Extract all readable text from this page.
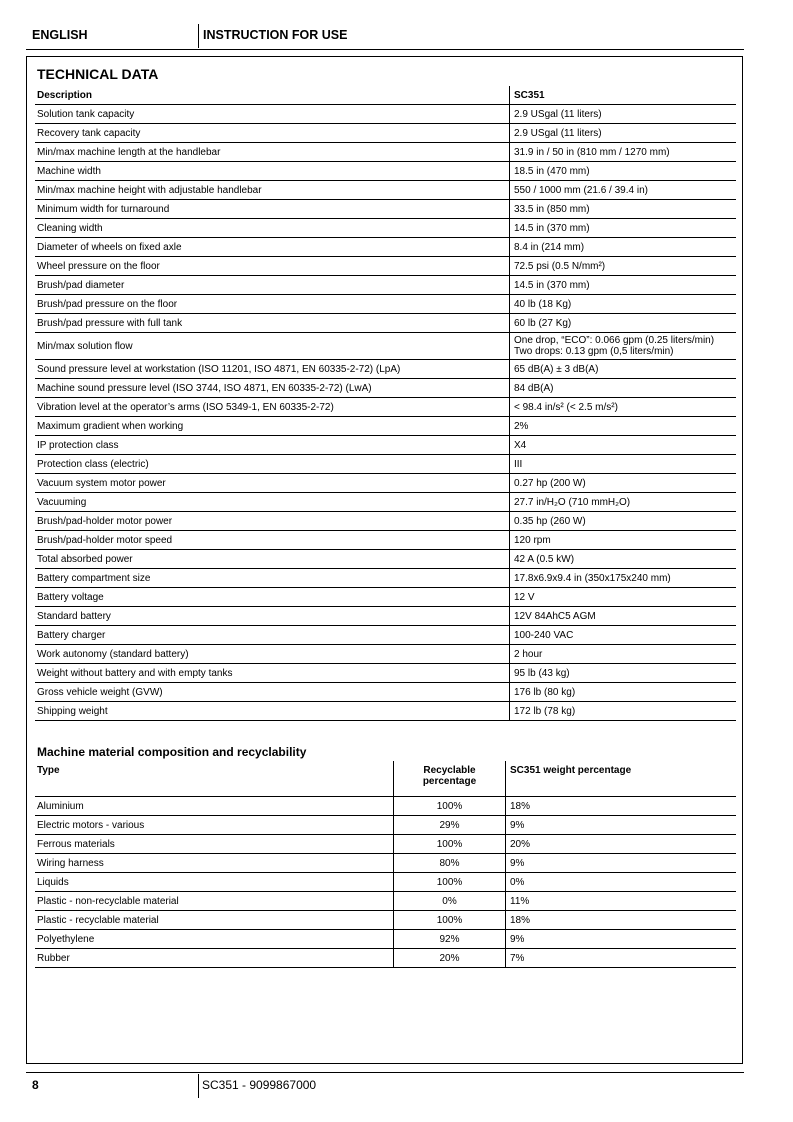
ENGLISH	INSTRUCTION FOR USE
TECHNICAL DATA
Description	SC351
Solution tank capacity	2.9 USgal (11 liters)
Recovery tank capacity	2.9 USgal (11 liters)
Min/max machine length at the handlebar	31.9 in / 50 in (810 mm / 1270 mm)
Machine width	18.5 in (470 mm)
Min/max machine height with adjustable handlebar	550 / 1000 mm (21.6 / 39.4 in)
Minimum width for turnaround	33.5 in (850 mm)
Cleaning width	14.5 in (370 mm)
Diameter of wheels on fixed axle	8.4 in (214 mm)
Wheel pressure on the floor	72.5 psi (0.5 N/mm²)
Brush/pad diameter	14.5 in (370 mm)
Brush/pad pressure on the floor	40 lb (18 Kg)
Brush/pad pressure with full tank	60 lb (27 Kg)
Min/max solution flow	One drop, “ECO”: 0.066 gpm (0.25 liters/min)
Two drops: 0.13 gpm (0,5 liters/min)
Sound pressure level at workstation (ISO 11201, ISO 4871, EN 60335-2-72) (LpA)	65 dB(A) ± 3 dB(A)
Machine sound pressure level (ISO 3744, ISO 4871, EN 60335-2-72) (LwA)	84 dB(A)
Vibration level at the operator’s arms (ISO 5349-1, EN 60335-2-72)	< 98.4 in/s² (< 2.5 m/s²)
Maximum gradient when working	2%
IP protection class	X4
Protection class (electric)	III
Vacuum system motor power	0.27 hp (200 W)
Vacuuming	27.7 in/H₂O (710 mmH₂O)
Brush/pad-holder motor power	0.35 hp (260 W)
Brush/pad-holder motor speed	120 rpm
Total absorbed power	42 A (0.5 kW)
Battery compartment size	17.8x6.9x9.4 in (350x175x240 mm)
Battery voltage	12 V
Standard battery	12V 84AhC5 AGM
Battery charger	100-240 VAC
Work autonomy (standard battery)	2 hour
Weight without battery and with empty tanks	95 lb (43 kg)
Gross vehicle weight (GVW)	176 lb (80 kg)
Shipping weight	172 lb (78 kg)
Machine material composition and recyclability
Type	Recyclable percentage	SC351 weight percentage
Aluminium	100%	18%
Electric motors - various	29%	9%
Ferrous materials	100%	20%
Wiring harness	80%	9%
Liquids	100%	0%
Plastic - non-recyclable material	0%	11%
Plastic - recyclable material	100%	18%
Polyethylene	92%	9%
Rubber	20%	7%
8	SC351 - 9099867000
